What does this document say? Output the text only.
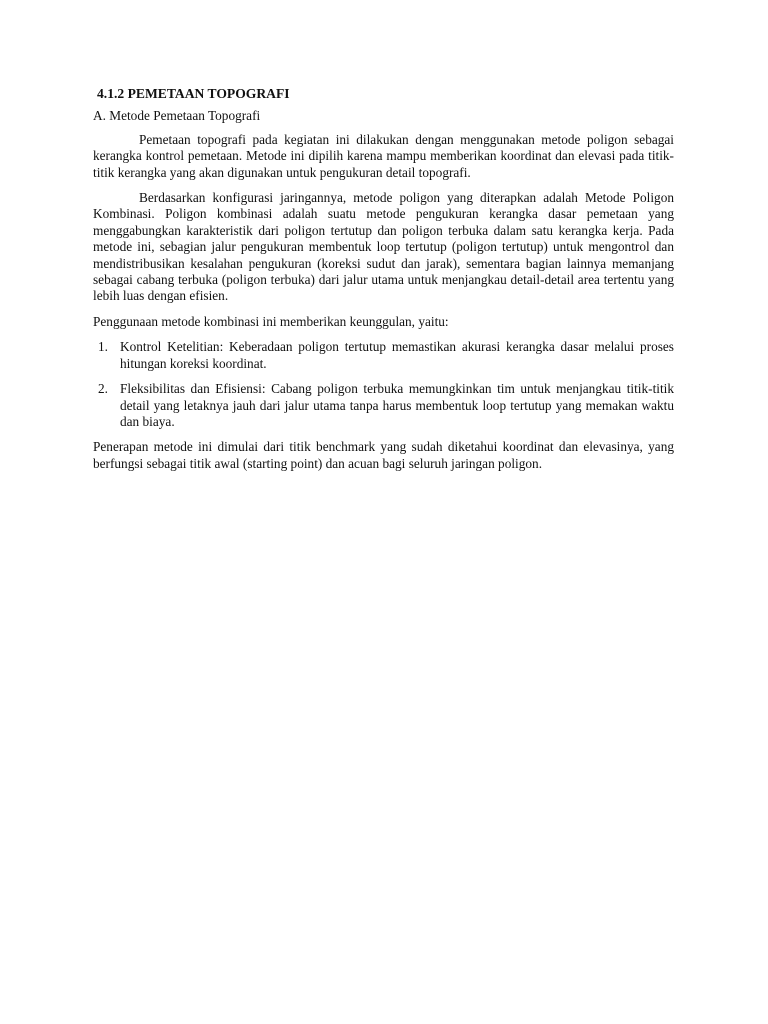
4.1.2 PEMETAAN TOPOGRAFI
A. Metode Pemetaan Topografi

Pemetaan topografi pada kegiatan ini dilakukan dengan menggunakan metode poligon sebagai kerangka kontrol pemetaan. Metode ini dipilih karena mampu memberikan koordinat dan elevasi pada titik-titik kerangka yang akan digunakan untuk pengukuran detail topografi.

Berdasarkan konfigurasi jaringannya, metode poligon yang diterapkan adalah Metode Poligon Kombinasi. Poligon kombinasi adalah suatu metode pengukuran kerangka dasar pemetaan yang menggabungkan karakteristik dari poligon tertutup dan poligon terbuka dalam satu kerangka kerja. Pada metode ini, sebagian jalur pengukuran membentuk loop tertutup (poligon tertutup) untuk mengontrol dan mendistribusikan kesalahan pengukuran (koreksi sudut dan jarak), sementara bagian lainnya memanjang sebagai cabang terbuka (poligon terbuka) dari jalur utama untuk menjangkau detail-detail area tertentu yang lebih luas dengan efisien.

Penggunaan metode kombinasi ini memberikan keunggulan, yaitu:

1. Kontrol Ketelitian: Keberadaan poligon tertutup memastikan akurasi kerangka dasar melalui proses hitungan koreksi koordinat.
2. Fleksibilitas dan Efisiensi: Cabang poligon terbuka memungkinkan tim untuk menjangkau titik-titik detail yang letaknya jauh dari jalur utama tanpa harus membentuk loop tertutup yang memakan waktu dan biaya.

Penerapan metode ini dimulai dari titik benchmark yang sudah diketahui koordinat dan elevasinya, yang berfungsi sebagai titik awal (starting point) dan acuan bagi seluruh jaringan poligon.
